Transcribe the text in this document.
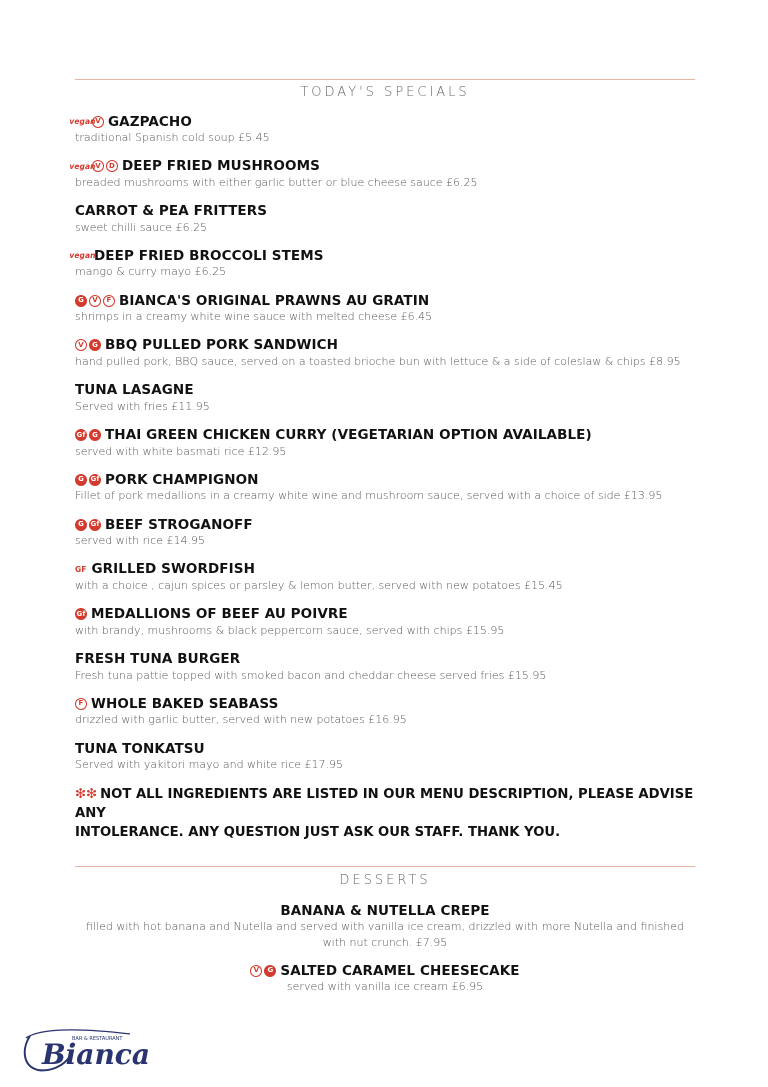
TODAY'S SPECIALS
vegan V GAZPACHO
traditional Spanish cold soup £5.45
vegan V	D DEEP FRIED MUSHROOMS
breaded mushrooms with either garlic butter or blue cheese sauce £6.25
CARROT & PEA FRITTERS
sweet chilli sauce £6.25
vegan
DEEP FRIED BROCCOLI STEMS
mango & curry mayo £6.25
G	V	F BIANCA'S ORIGINAL PRAWNS AU GRATIN
shrimps in a creamy white wine sauce with melted cheese £6.45
V	G BBQ PULLED PORK SANDWICH
hand pulled pork, BBQ sauce, served on a toasted brioche bun with lettuce & a side of coleslaw & chips £8.95
TUNA LASAGNE
Served with fries £11.95
Gf G THAI GREEN CHICKEN CURRY (VEGETARIAN OPTION AVAILABLE)
served with white basmati rice £12.95
G Gf PORK CHAMPIGNON
Fillet of pork medallions in a creamy white wine and mushroom sauce, served with a choice of side £13.95
G Gf BEEF STROGANOFF
served with rice £14.95
GF GRILLED SWORDFISH
with a choice , cajun spices or parsley & lemon butter, served with new potatoes £15.45
Gf MEDALLIONS OF BEEF AU POIVRE
with brandy, mushrooms & black peppercorn sauce, served with chips £15.95
FRESH TUNA BURGER
Fresh tuna pattie topped with smoked bacon and cheddar cheese served fries £15.95
F WHOLE BAKED SEABASS
drizzled with garlic butter, served with new potatoes £16.95
TUNA TONKATSU
Served with yakitori mayo and white rice £17.95
❇❇ NOT ALL INGREDIENTS ARE LISTED IN OUR MENU DESCRIPTION, PLEASE ADVISE ANY
INTOLERANCE. ANY QUESTION JUST ASK OUR STAFF. THANK YOU.
DESSERTS
BANANA & NUTELLA CREPE
filled with hot banana and Nutella and served with vanilla ice cream, drizzled with more Nutella and finished with nut crunch. £7.95
V	G SALTED CARAMEL CHEESECAKE
served with vanilla ice cream £6.95
Bianca
BAR & RESTAURANT
